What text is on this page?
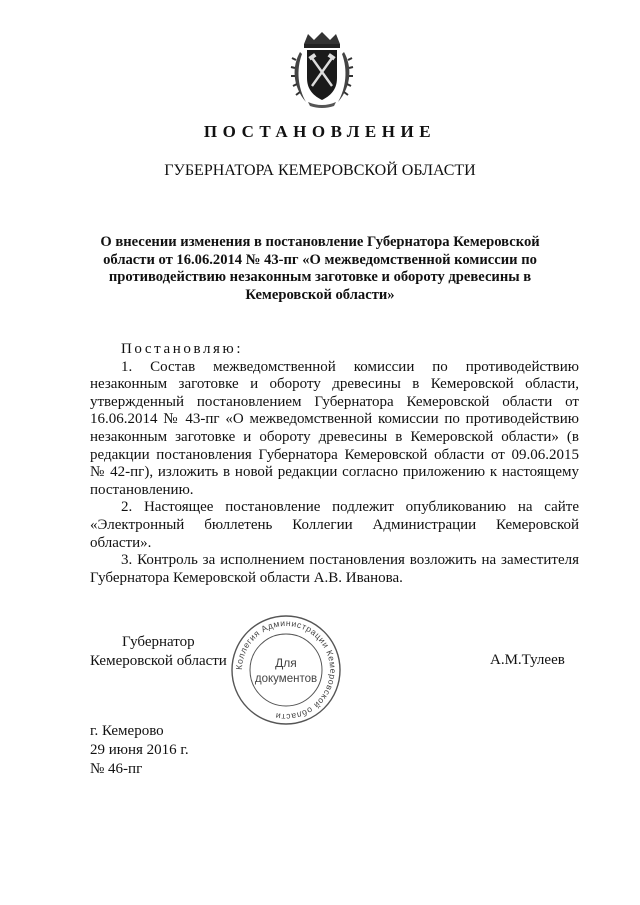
ПОСТАНОВЛЕНИЕ
ГУБЕРНАТОРА КЕМЕРОВСКОЙ ОБЛАСТИ
О внесении изменения в постановление Губернатора Кемеровской области от 16.06.2014 № 43-пг «О межведомственной комиссии по противодействию незаконным заготовке и обороту древесины в Кемеровской области»

Постановляю:

1. Состав межведомственной комиссии по противодействию незаконным заготовке и обороту древесины в Кемеровской области, утвержденный постановлением Губернатора Кемеровской области от 16.06.2014 № 43-пг «О межведомственной комиссии по противодействию незаконным заготовке и обороту древесины в Кемеровской области» (в редакции постановления Губернатора Кемеровской области от 09.06.2015 № 42-пг), изложить в новой редакции согласно приложению к настоящему постановлению.

2. Настоящее постановление подлежит опубликованию на сайте «Электронный бюллетень Коллегии Администрации Кемеровской области».

3. Контроль за исполнением постановления возложить на заместителя Губернатора Кемеровской области А.В. Иванова.

Губернатор
Кемеровской области Коллегия Администрации Кемеровской области
Для
документов
А.М.Тулеев
г. Кемерово
29 июня 2016 г.
№ 46-пг
